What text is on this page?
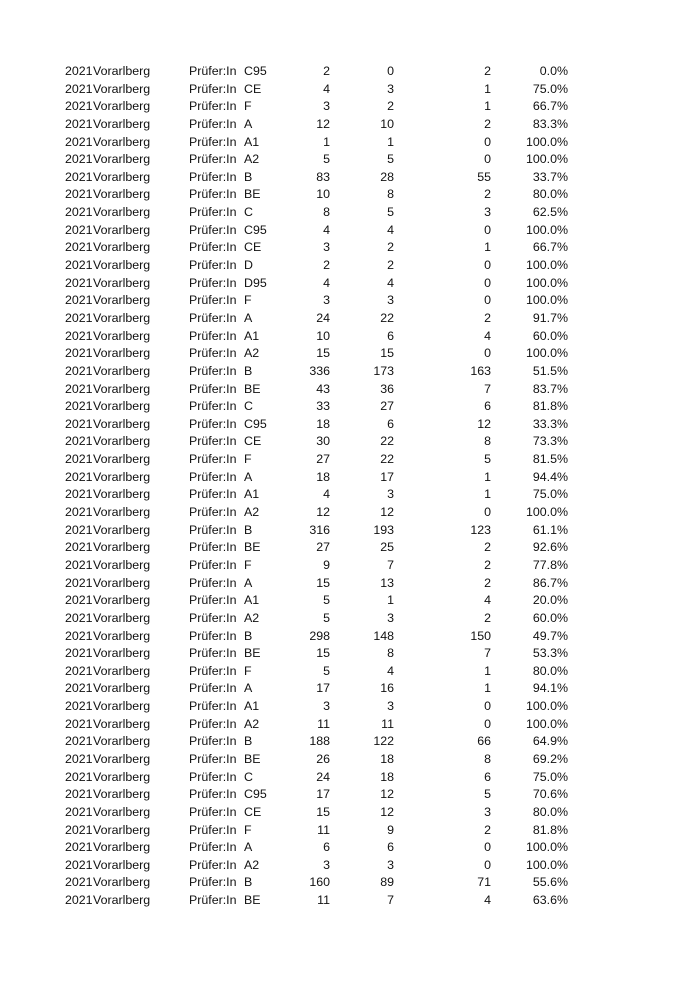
2021 Vorarlberg	Prüfer:In C95	2	0	2	0.0%
2021 Vorarlberg	Prüfer:In CE	4	3	1	75.0%
2021 Vorarlberg	Prüfer:In F	3	2	1	66.7%
2021 Vorarlberg	Prüfer:In A	12	10	2	83.3%
2021 Vorarlberg	Prüfer:In A1	1	1	0	100.0%
2021 Vorarlberg	Prüfer:In A2	5	5	0	100.0%
2021 Vorarlberg	Prüfer:In B	83	28	55	33.7%
2021 Vorarlberg	Prüfer:In BE	10	8	2	80.0%
2021 Vorarlberg	Prüfer:In C	8	5	3	62.5%
2021 Vorarlberg	Prüfer:In C95	4	4	0	100.0%
2021 Vorarlberg	Prüfer:In CE	3	2	1	66.7%
2021 Vorarlberg	Prüfer:In D	2	2	0	100.0%
2021 Vorarlberg	Prüfer:In D95	4	4	0	100.0%
2021 Vorarlberg	Prüfer:In F	3	3	0	100.0%
2021 Vorarlberg	Prüfer:In A	24	22	2	91.7%
2021 Vorarlberg	Prüfer:In A1	10	6	4	60.0%
2021 Vorarlberg	Prüfer:In A2	15	15	0	100.0%
2021 Vorarlberg	Prüfer:In B	336	173	163	51.5%
2021 Vorarlberg	Prüfer:In BE	43	36	7	83.7%
2021 Vorarlberg	Prüfer:In C	33	27	6	81.8%
2021 Vorarlberg	Prüfer:In C95	18	6	12	33.3%
2021 Vorarlberg	Prüfer:In CE	30	22	8	73.3%
2021 Vorarlberg	Prüfer:In F	27	22	5	81.5%
2021 Vorarlberg	Prüfer:In A	18	17	1	94.4%
2021 Vorarlberg	Prüfer:In A1	4	3	1	75.0%
2021 Vorarlberg	Prüfer:In A2	12	12	0	100.0%
2021 Vorarlberg	Prüfer:In B	316	193	123	61.1%
2021 Vorarlberg	Prüfer:In BE	27	25	2	92.6%
2021 Vorarlberg	Prüfer:In F	9	7	2	77.8%
2021 Vorarlberg	Prüfer:In A	15	13	2	86.7%
2021 Vorarlberg	Prüfer:In A1	5	1	4	20.0%
2021 Vorarlberg	Prüfer:In A2	5	3	2	60.0%
2021 Vorarlberg	Prüfer:In B	298	148	150	49.7%
2021 Vorarlberg	Prüfer:In BE	15	8	7	53.3%
2021 Vorarlberg	Prüfer:In F	5	4	1	80.0%
2021 Vorarlberg	Prüfer:In A	17	16	1	94.1%
2021 Vorarlberg	Prüfer:In A1	3	3	0	100.0%
2021 Vorarlberg	Prüfer:In A2	11	11	0	100.0%
2021 Vorarlberg	Prüfer:In B	188	122	66	64.9%
2021 Vorarlberg	Prüfer:In BE	26	18	8	69.2%
2021 Vorarlberg	Prüfer:In C	24	18	6	75.0%
2021 Vorarlberg	Prüfer:In C95	17	12	5	70.6%
2021 Vorarlberg	Prüfer:In CE	15	12	3	80.0%
2021 Vorarlberg	Prüfer:In F	11	9	2	81.8%
2021 Vorarlberg	Prüfer:In A	6	6	0	100.0%
2021 Vorarlberg	Prüfer:In A2	3	3	0	100.0%
2021 Vorarlberg	Prüfer:In B	160	89	71	55.6%
2021 Vorarlberg	Prüfer:In BE	11	7	4	63.6%
